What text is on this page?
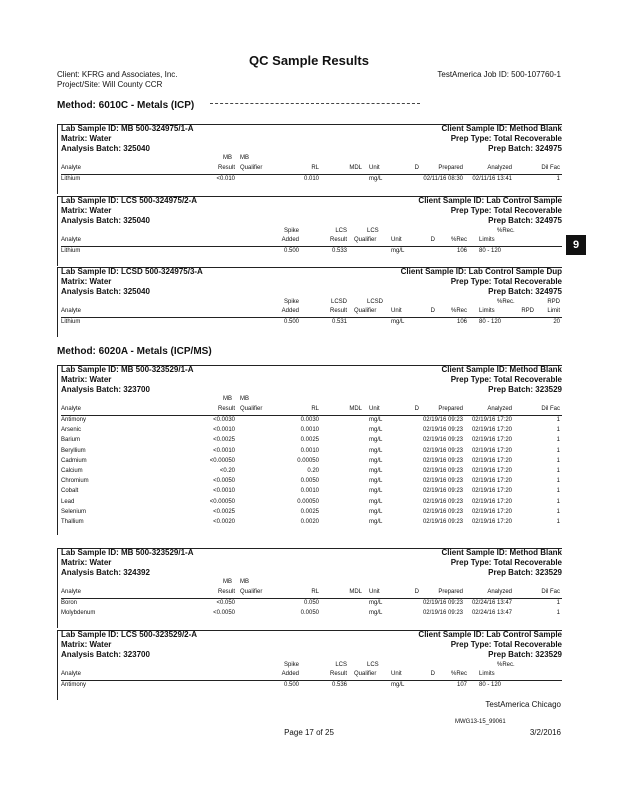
QC Sample Results
Client: KFRG and Associates, Inc.
Project/Site: Will County CCR
TestAmerica Job ID: 500-107760-1
Method: 6010C - Metals (ICP)
Method: 6020A - Metals (ICP/MS)
9
Lab Sample ID: MB 500-324975/1-A
Matrix: Water
Analysis Batch: 325040
Client Sample ID: Method Blank
Prep Type: Total Recoverable
Prep Batch: 324975
MB MB
Analyte	Result Qualifier	RL	MDL Unit	D	Prepared	Analyzed	Dil Fac
Lithium	<0.010	0.010	mg/L	02/11/16 08:30	02/11/16 13:41	1
Lab Sample ID: LCS 500-324975/2-A
Matrix: Water
Analysis Batch: 325040
Client Sample ID: Lab Control Sample
Prep Type: Total Recoverable
Prep Batch: 324975
Spike	LCS	LCS	%Rec.
Analyte	Added	Result Qualifier Unit	D	%Rec Limits
Lithium	0.500	0.533	mg/L	106 80 - 120
Lab Sample ID: LCSD 500-324975/3-A
Matrix: Water
Analysis Batch: 325040
Client Sample ID: Lab Control Sample Dup
Prep Type: Total Recoverable
Prep Batch: 324975
Spike	LCSD	LCSD	%Rec.	RPD
Analyte	Added	Result Qualifier Unit	D	%Rec Limits	RPD	Limit
Lithium	0.500	0.531	mg/L	106 80 - 120	20
Lab Sample ID: MB 500-323529/1-A
Matrix: Water
Analysis Batch: 323700
Client Sample ID: Method Blank
Prep Type: Total Recoverable
Prep Batch: 323529
MB MB
Analyte	Result Qualifier	RL	MDL Unit	D	Prepared	Analyzed	Dil Fac
Antimony	<0.0030	0.0030	mg/L	02/19/16 09:23	02/19/16 17:20	1
Arsenic	<0.0010	0.0010	mg/L	02/19/16 09:23	02/19/16 17:20	1
Barium	<0.0025	0.0025	mg/L	02/19/16 09:23	02/19/16 17:20	1
Beryllium	<0.0010	0.0010	mg/L	02/19/16 09:23	02/19/16 17:20	1
Cadmium	<0.00050	0.00050	mg/L	02/19/16 09:23	02/19/16 17:20	1
Calcium	<0.20	0.20	mg/L	02/19/16 09:23	02/19/16 17:20	1
Chromium	<0.0050	0.0050	mg/L	02/19/16 09:23	02/19/16 17:20	1
Cobalt	<0.0010	0.0010	mg/L	02/19/16 09:23	02/19/16 17:20	1
Lead	<0.00050	0.00050	mg/L	02/19/16 09:23	02/19/16 17:20	1
Selenium	<0.0025	0.0025	mg/L	02/19/16 09:23	02/19/16 17:20	1
Thallium	<0.0020	0.0020	mg/L	02/19/16 09:23	02/19/16 17:20	1
Lab Sample ID: MB 500-323529/1-A
Matrix: Water
Analysis Batch: 324392
Client Sample ID: Method Blank
Prep Type: Total Recoverable
Prep Batch: 323529
MB MB
Analyte	Result Qualifier	RL	MDL Unit	D	Prepared	Analyzed	Dil Fac
Boron	<0.050	0.050	mg/L	02/19/16 09:23	02/24/16 13:47	1
Molybdenum	<0.0050	0.0050	mg/L	02/19/16 09:23	02/24/16 13:47	1
Lab Sample ID: LCS 500-323529/2-A
Matrix: Water
Analysis Batch: 323700
Client Sample ID: Lab Control Sample
Prep Type: Total Recoverable
Prep Batch: 323529
Spike	LCS	LCS	%Rec.
Analyte	Added	Result Qualifier Unit	D	%Rec Limits
Antimony	0.500	0.536	mg/L	107 80 - 120
TestAmerica Chicago
MWG13-15_99061
Page 17 of 25	3/2/2016
